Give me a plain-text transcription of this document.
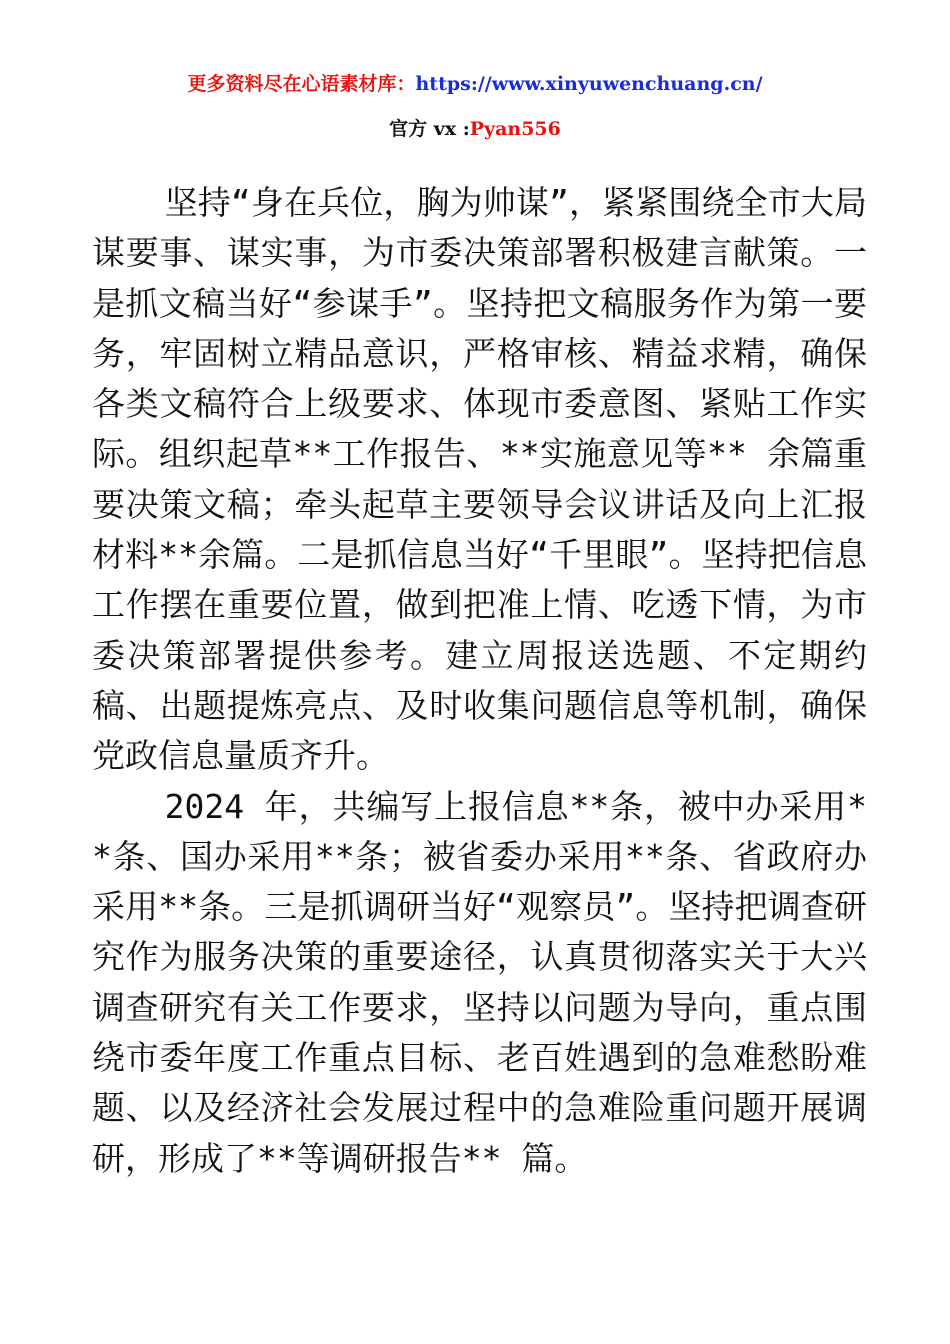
更多资料尽在心语素材库：https://www.xinyuwenchuang.cn/
官方 vx :Pyan556

坚持“身在兵位，胸为帅谋”，紧紧围绕全市大局谋要事、谋实事，为市委决策部署积极建言献策。一是抓文稿当好“参谋手”。坚持把文稿服务作为第一要务，牢固树立精品意识，严格审核、精益求精，确保各类文稿符合上级要求、体现市委意图、紧贴工作实际。组织起草**工作报告、**实施意见等** 余篇重要决策文稿；牵头起草主要领导会议讲话及向上汇报材料**余篇。二是抓信息当好“千里眼”。坚持把信息工作摆在重要位置，做到把准上情、吃透下情，为市委决策部署提供参考。建立周报送选题、不定期约稿、出题提炼亮点、及时收集问题信息等机制，确保党政信息量质齐升。

2024 年，共编写上报信息**条，被中办采用**条、国办采用**条；被省委办采用**条、省政府办采用**条。三是抓调研当好“观察员”。坚持把调查研究作为服务决策的重要途径，认真贯彻落实关于大兴调查研究有关工作要求，坚持以问题为导向，重点围绕市委年度工作重点目标、老百姓遇到的急难愁盼难题、以及经济社会发展过程中的急难险重问题开展调研，形成了**等调研报告** 篇。
